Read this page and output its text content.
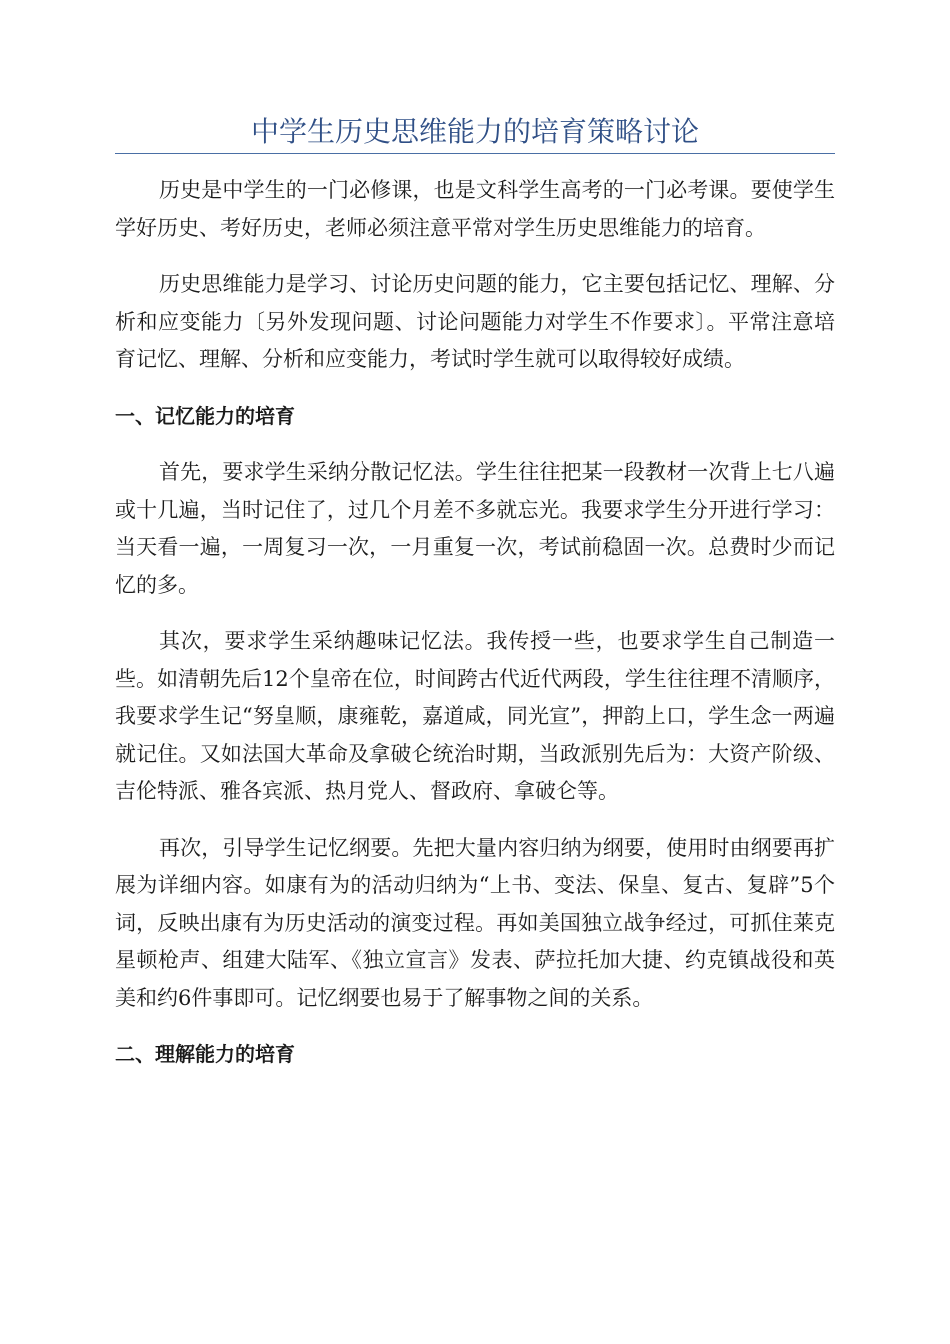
中学生历史思维能力的培育策略讨论

历史是中学生的一门必修课，也是文科学生高考的一门必考课。要使学生学好历史、考好历史，老师必须注意平常对学生历史思维能力的培育。

历史思维能力是学习、讨论历史问题的能力，它主要包括记忆、理解、分析和应变能力〔另外发现问题、讨论问题能力对学生不作要求〕。平常注意培育记忆、理解、分析和应变能力，考试时学生就可以取得较好成绩。

一、记忆能力的培育

首先，要求学生采纳分散记忆法。学生往往把某一段教材一次背上七八遍或十几遍，当时记住了，过几个月差不多就忘光。我要求学生分开进行学习：当天看一遍，一周复习一次，一月重复一次，考试前稳固一次。总费时少而记忆的多。

其次，要求学生采纳趣味记忆法。我传授一些，也要求学生自己制造一些。如清朝先后12个皇帝在位，时间跨古代近代两段，学生往往理不清顺序，我要求学生记“努皇顺，康雍乾，嘉道咸，同光宣”，押韵上口，学生念一两遍就记住。又如法国大革命及拿破仑统治时期，当政派别先后为：大资产阶级、吉伦特派、雅各宾派、热月党人、督政府、拿破仑等。

再次，引导学生记忆纲要。先把大量内容归纳为纲要，使用时由纲要再扩展为详细内容。如康有为的活动归纳为“上书、变法、保皇、复古、复辟”5个词，反映出康有为历史活动的演变过程。再如美国独立战争经过，可抓住莱克星顿枪声、组建大陆军、《独立宣言》发表、萨拉托加大捷、约克镇战役和英美和约6件事即可。记忆纲要也易于了解事物之间的关系。

二、理解能力的培育
